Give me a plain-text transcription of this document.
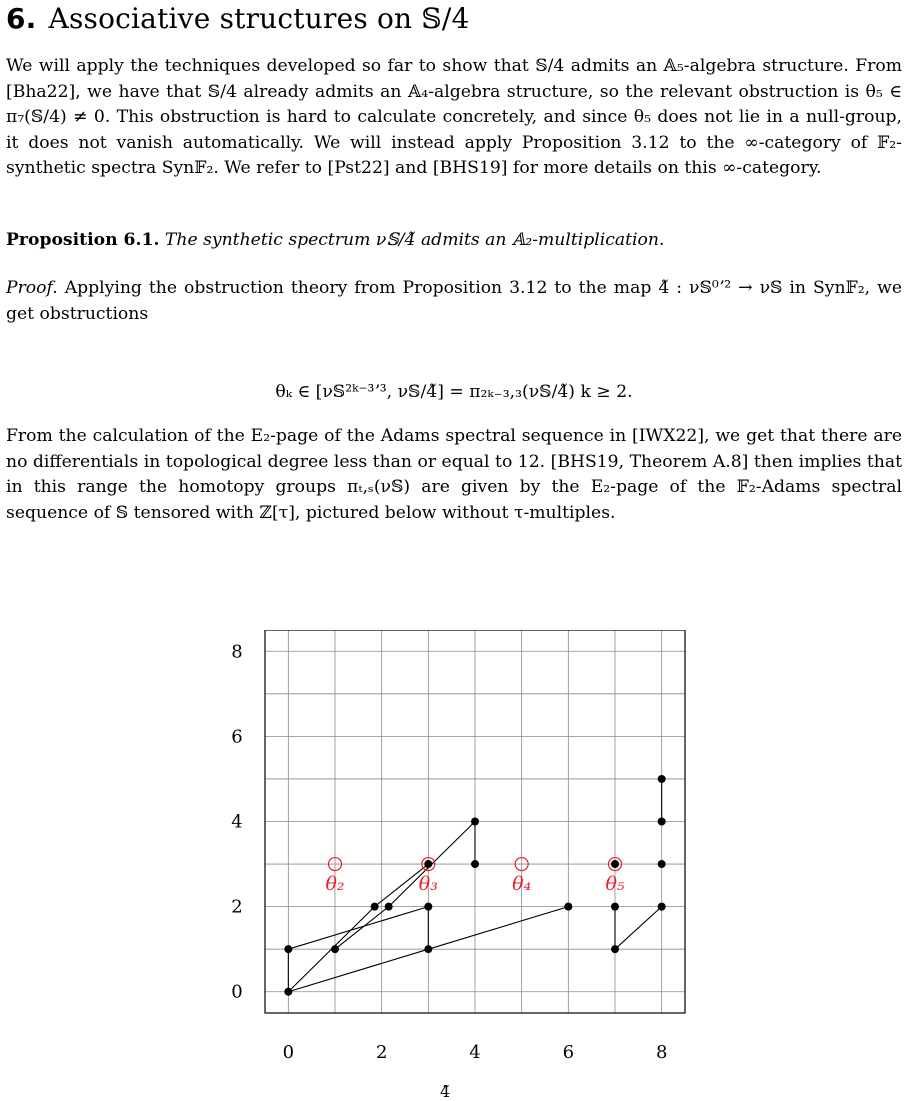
6. Associative structures on 𝕊/4
We will apply the techniques developed so far to show that 𝕊/4 admits an 𝔸₅-algebra structure. From [Bha22], we have that 𝕊/4 already admits an 𝔸₄-algebra structure, so the relevant obstruction is θ₅ ∈ π₇(𝕊/4) ≠ 0. This obstruction is hard to calculate concretely, and since θ₅ does not lie in a null-group, it does not vanish automatically. We will instead apply Proposition 3.12 to the ∞-category of 𝔽₂-synthetic spectra Syn𝔽₂. We refer to [Pst22] and [BHS19] for more details on this ∞-category.
Proposition 6.1. The synthetic spectrum ν𝕊/4̃ admits an 𝔸₂-multiplication.
Proof. Applying the obstruction theory from Proposition 3.12 to the map 4̃ : ν𝕊⁰ʼ² → ν𝕊 in Syn𝔽₂, we get obstructions
θₖ ∈ [ν𝕊²ᵏ⁻³ʼ³, ν𝕊/4̃] = π₂ₖ₋₃,₃(ν𝕊/4̃) k ≥ 2.
From the calculation of the E₂-page of the Adams spectral sequence in [IWX22], we get that there are no differentials in topological degree less than or equal to 12. [BHS19, Theorem A.8] then implies that in this range the homotopy groups πₜ,ₛ(ν𝕊) are given by the E₂-page of the 𝔽₂-Adams spectral sequence of 𝕊 tensored with ℤ[τ], pictured below without τ-multiples.
0	2	4	6	8
0
2
4
6
8
θ₂	θ₃	θ₄	θ₅
4̃
